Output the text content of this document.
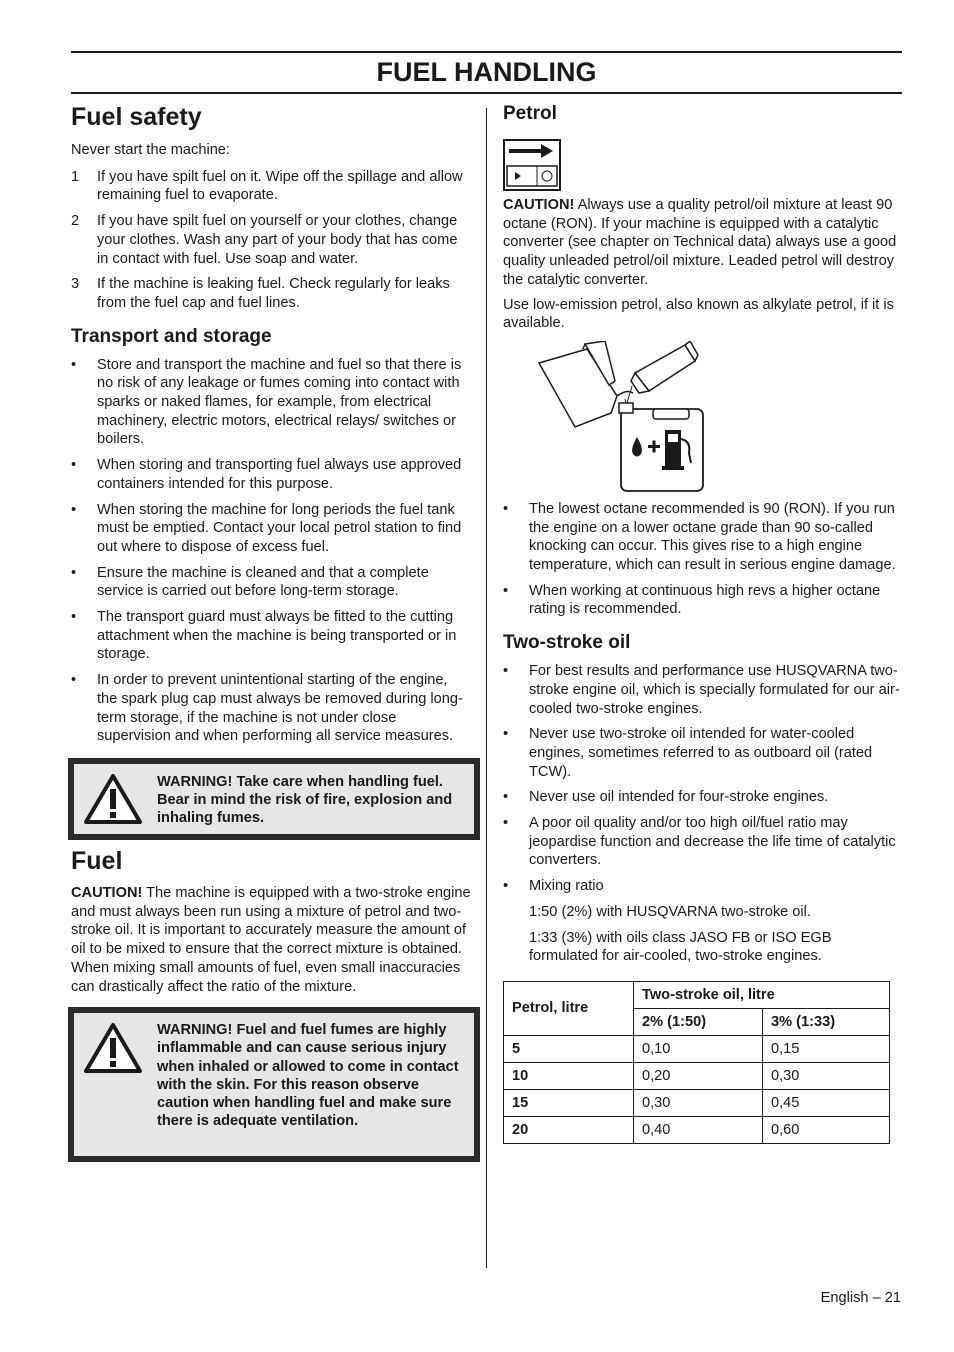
FUEL HANDLING
Fuel safety

Never start the machine:

1 If you have spilt fuel on it. Wipe off the spillage and allow remaining fuel to evaporate.
2 If you have spilt fuel on yourself or your clothes, change your clothes. Wash any part of your body that has come in contact with fuel. Use soap and water.
3 If the machine is leaking fuel. Check regularly for leaks from the fuel cap and fuel lines.
Transport and storage
• Store and transport the machine and fuel so that there is no risk of any leakage or fumes coming into contact with sparks or naked flames, for example, from electrical machinery, electric motors, electrical relays/ switches or boilers.
• When storing and transporting fuel always use approved containers intended for this purpose.
• When storing the machine for long periods the fuel tank must be emptied. Contact your local petrol station to find out where to dispose of excess fuel.
• Ensure the machine is cleaned and that a complete service is carried out before long-term storage.
• The transport guard must always be fitted to the cutting attachment when the machine is being transported or in storage.
• In order to prevent unintentional starting of the engine, the spark plug cap must always be removed during long-term storage, if the machine is not under close supervision and when performing all service measures.
WARNING! Take care when handling fuel. Bear in mind the risk of fire, explosion and inhaling fumes.
Fuel

CAUTION! The machine is equipped with a two-stroke engine and must always been run using a mixture of petrol and two-stroke oil. It is important to accurately measure the amount of oil to be mixed to ensure that the correct mixture is obtained. When mixing small amounts of fuel, even small inaccuracies can drastically affect the ratio of the mixture.

WARNING! Fuel and fuel fumes are highly inflammable and can cause serious injury when inhaled or allowed to come in contact with the skin. For this reason observe caution when handling fuel and make sure there is adequate ventilation.
Petrol

CAUTION! Always use a quality petrol/oil mixture at least 90 octane (RON). If your machine is equipped with a catalytic converter (see chapter on Technical data) always use a good quality unleaded petrol/oil mixture. Leaded petrol will destroy the catalytic converter.

Use low-emission petrol, also known as alkylate petrol, if it is available.

• The lowest octane recommended is 90 (RON). If you run the engine on a lower octane grade than 90 so-called knocking can occur. This gives rise to a high engine temperature, which can result in serious engine damage.
• When working at continuous high revs a higher octane rating is recommended.
Two-stroke oil
• For best results and performance use HUSQVARNA two-stroke engine oil, which is specially formulated for our air-cooled two-stroke engines.
• Never use two-stroke oil intended for water-cooled engines, sometimes referred to as outboard oil (rated TCW).
• Never use oil intended for four-stroke engines.
• A poor oil quality and/or too high oil/fuel ratio may jeopardise function and decrease the life time of catalytic converters.
• Mixing ratio

1:50 (2%) with HUSQVARNA two-stroke oil.

1:33 (3%) with oils class JASO FB or ISO EGB formulated for air-cooled, two-stroke engines.

Petrol, litre	Two-stroke oil, litre	
	2% (1:50)	3% (1:33)
5	0,10	0,15
10	0,20	0,30
15	0,30	0,45
20	0,40	0,60
English – 21
